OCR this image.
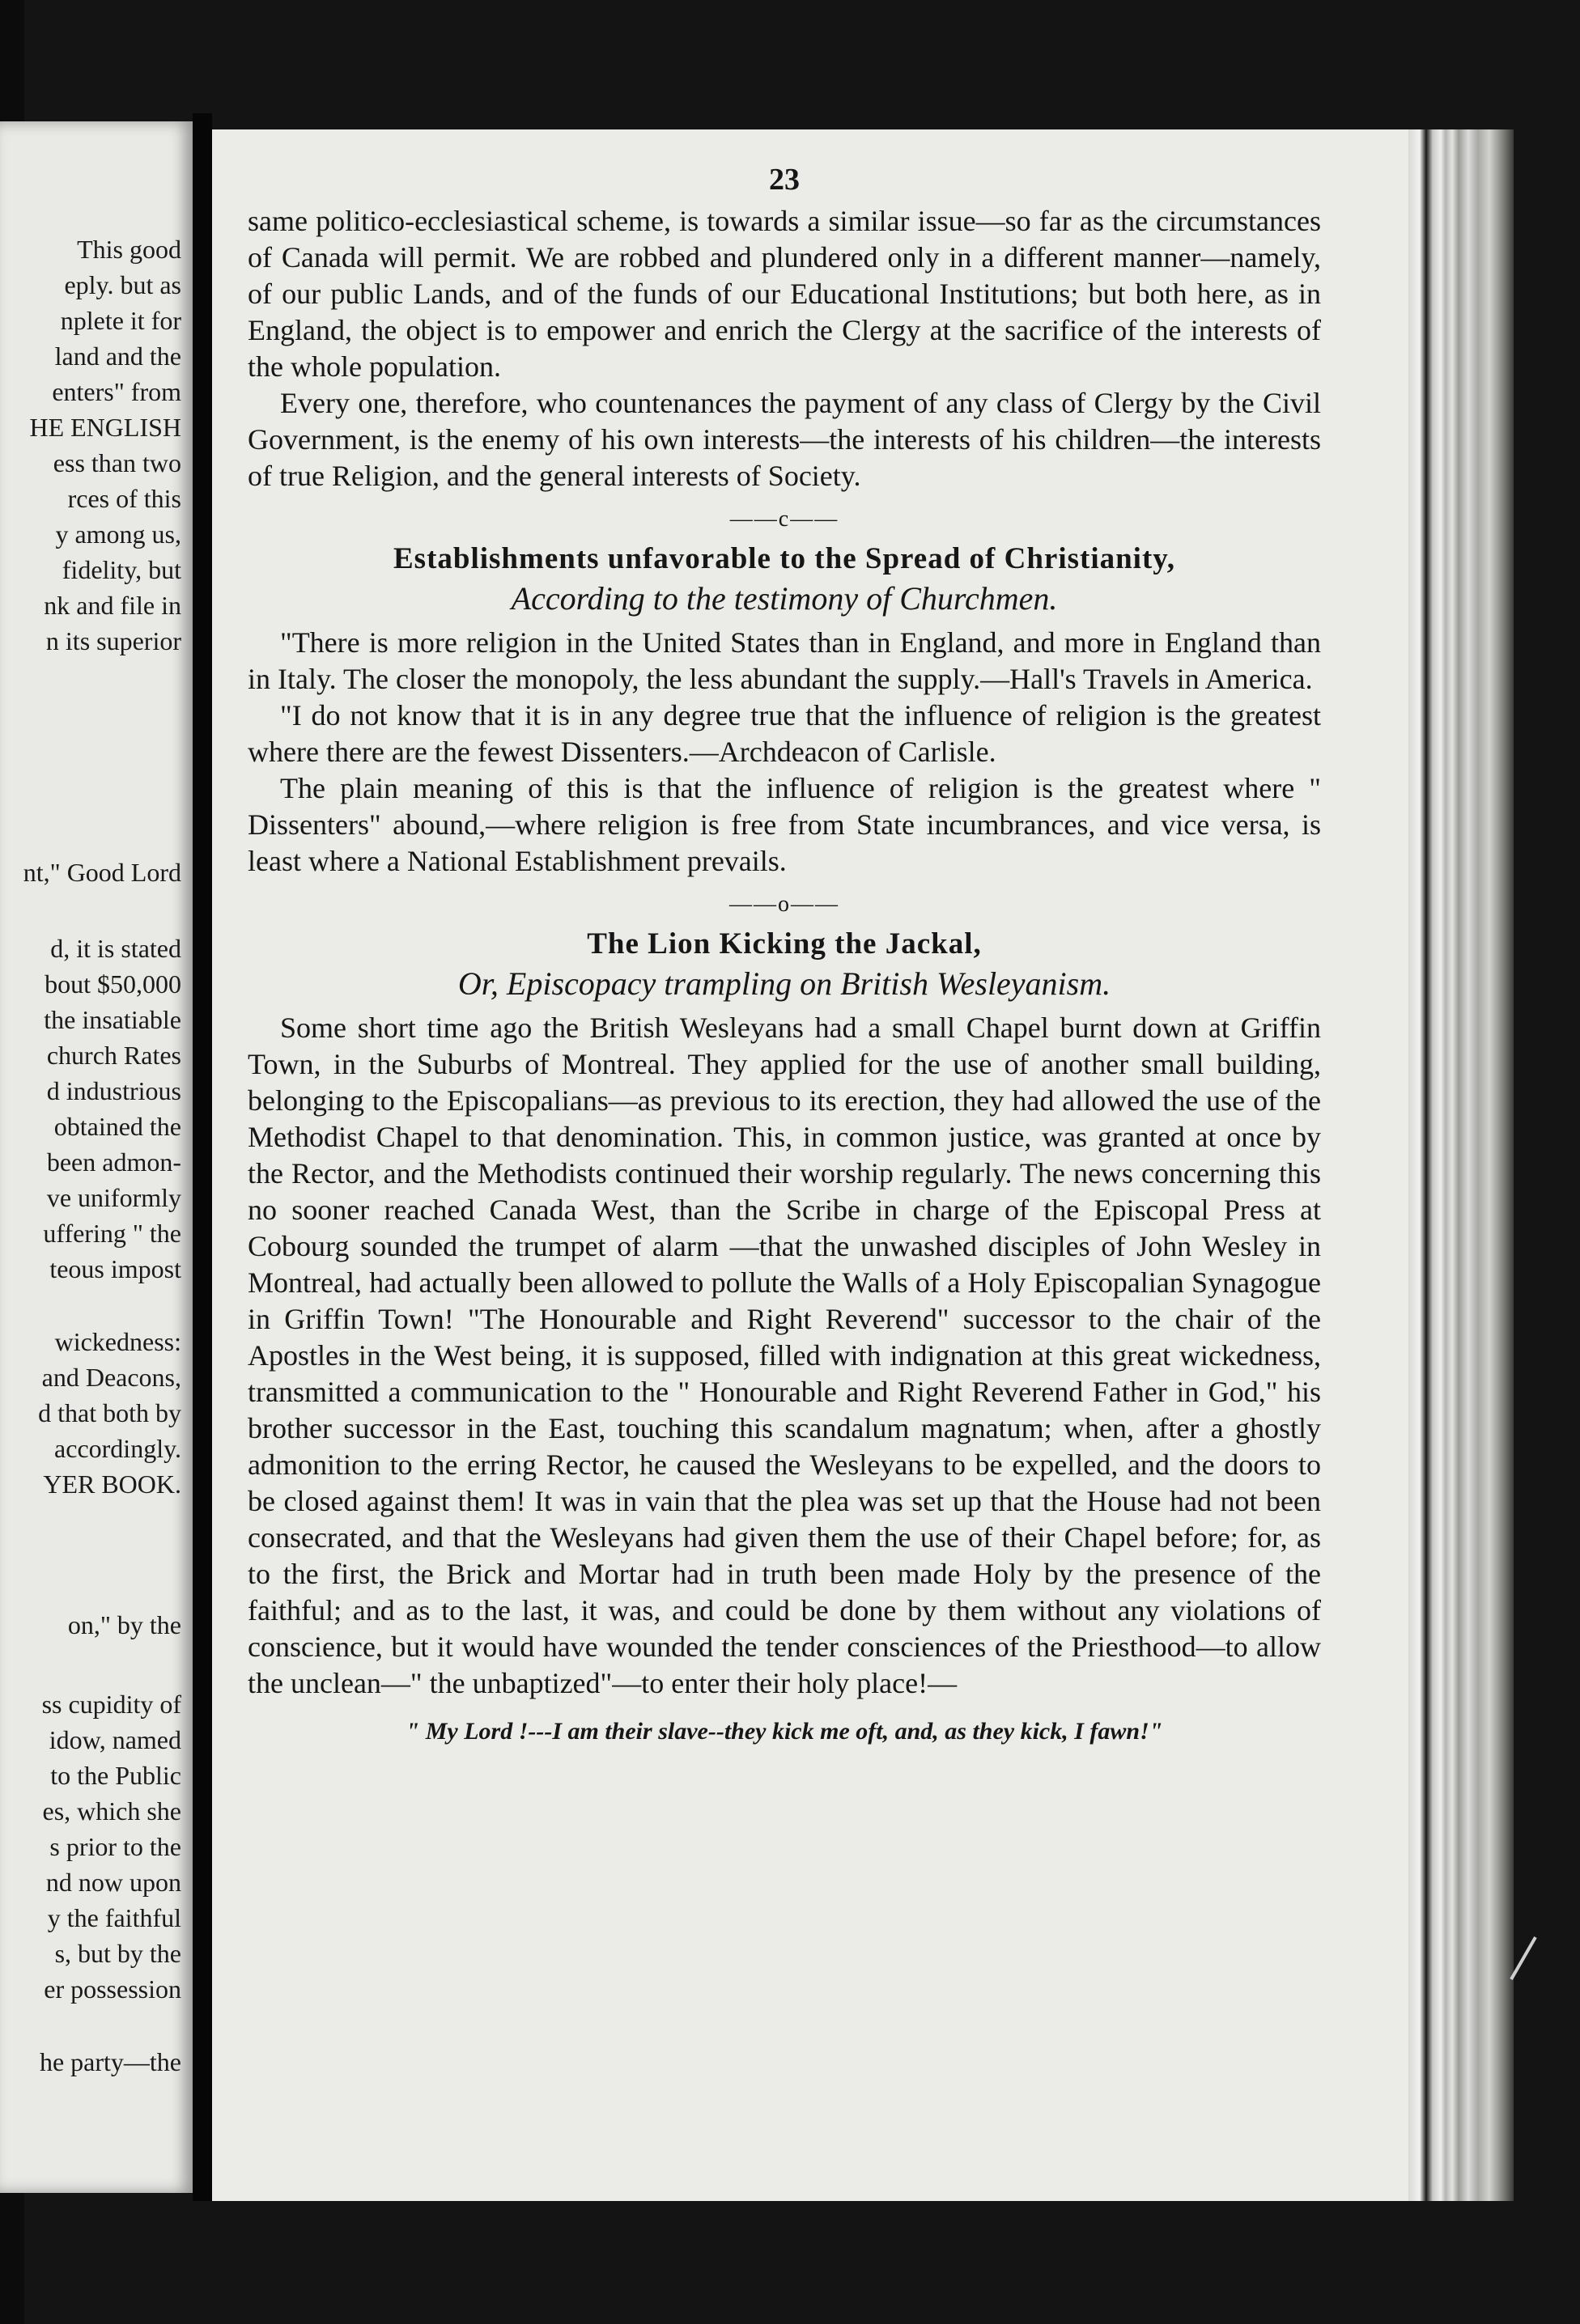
This good
eply. but as
nplete it for
land and the
enters" from
HE ENGLISH
ess than two
rces of this
y among us,
fidelity, but
nk and file in
n its superior
nt," Good Lord
d, it is stated
bout $50,000
the insatiable
church Rates
d industrious
obtained the
been admon-
ve uniformly
uffering " the
teous impost
wickedness:
and Deacons,
d that both by
accordingly.
YER BOOK.
on," by the
ss cupidity of
idow, named
to the Public
es, which she
s prior to the
nd now upon
y the faithful
s, but by the
er possession
he party—the
23

same politico-ecclesiastical scheme, is towards a similar issue—so far as the circumstances of Canada will permit. We are robbed and plundered only in a different manner—namely, of our public Lands, and of the funds of our Educational Institutions; but both here, as in England, the object is to empower and enrich the Clergy at the sacrifice of the interests of the whole population.

Every one, therefore, who countenances the payment of any class of Clergy by the Civil Government, is the enemy of his own interests—the interests of his children—the interests of true Religion, and the general interests of Society.

——c——
Establishments unfavorable to the Spread of Christianity,
According to the testimony of Churchmen.

"There is more religion in the United States than in England, and more in England than in Italy. The closer the monopoly, the less abundant the supply.—Hall's Travels in America.

"I do not know that it is in any degree true that the influence of religion is the greatest where there are the fewest Dissenters.—Archdeacon of Carlisle.

The plain meaning of this is that the influence of religion is the greatest where " Dissenters" abound,—where religion is free from State incumbrances, and vice versa, is least where a National Establishment prevails.

——o——
The Lion Kicking the Jackal,
Or, Episcopacy trampling on British Wesleyanism.

Some short time ago the British Wesleyans had a small Chapel burnt down at Griffin Town, in the Suburbs of Montreal. They applied for the use of another small building, belonging to the Episcopalians—as previous to its erection, they had allowed the use of the Methodist Chapel to that denomination. This, in common justice, was granted at once by the Rector, and the Methodists continued their worship regularly. The news concerning this no sooner reached Canada West, than the Scribe in charge of the Episcopal Press at Cobourg sounded the trumpet of alarm —that the unwashed disciples of John Wesley in Montreal, had actually been allowed to pollute the Walls of a Holy Episcopalian Synagogue in Griffin Town! "The Honourable and Right Reverend" successor to the chair of the Apostles in the West being, it is supposed, filled with indignation at this great wickedness, transmitted a communication to the " Honourable and Right Reverend Father in God," his brother successor in the East, touching this scandalum magnatum; when, after a ghostly admonition to the erring Rector, he caused the Wesleyans to be expelled, and the doors to be closed against them! It was in vain that the plea was set up that the House had not been consecrated, and that the Wesleyans had given them the use of their Chapel before; for, as to the first, the Brick and Mortar had in truth been made Holy by the presence of the faithful; and as to the last, it was, and could be done by them without any violations of conscience, but it would have wounded the tender consciences of the Priesthood—to allow the unclean—" the unbaptized"—to enter their holy place!—

" My Lord !---I am their slave--they kick me oft, and, as they kick, I fawn!"
